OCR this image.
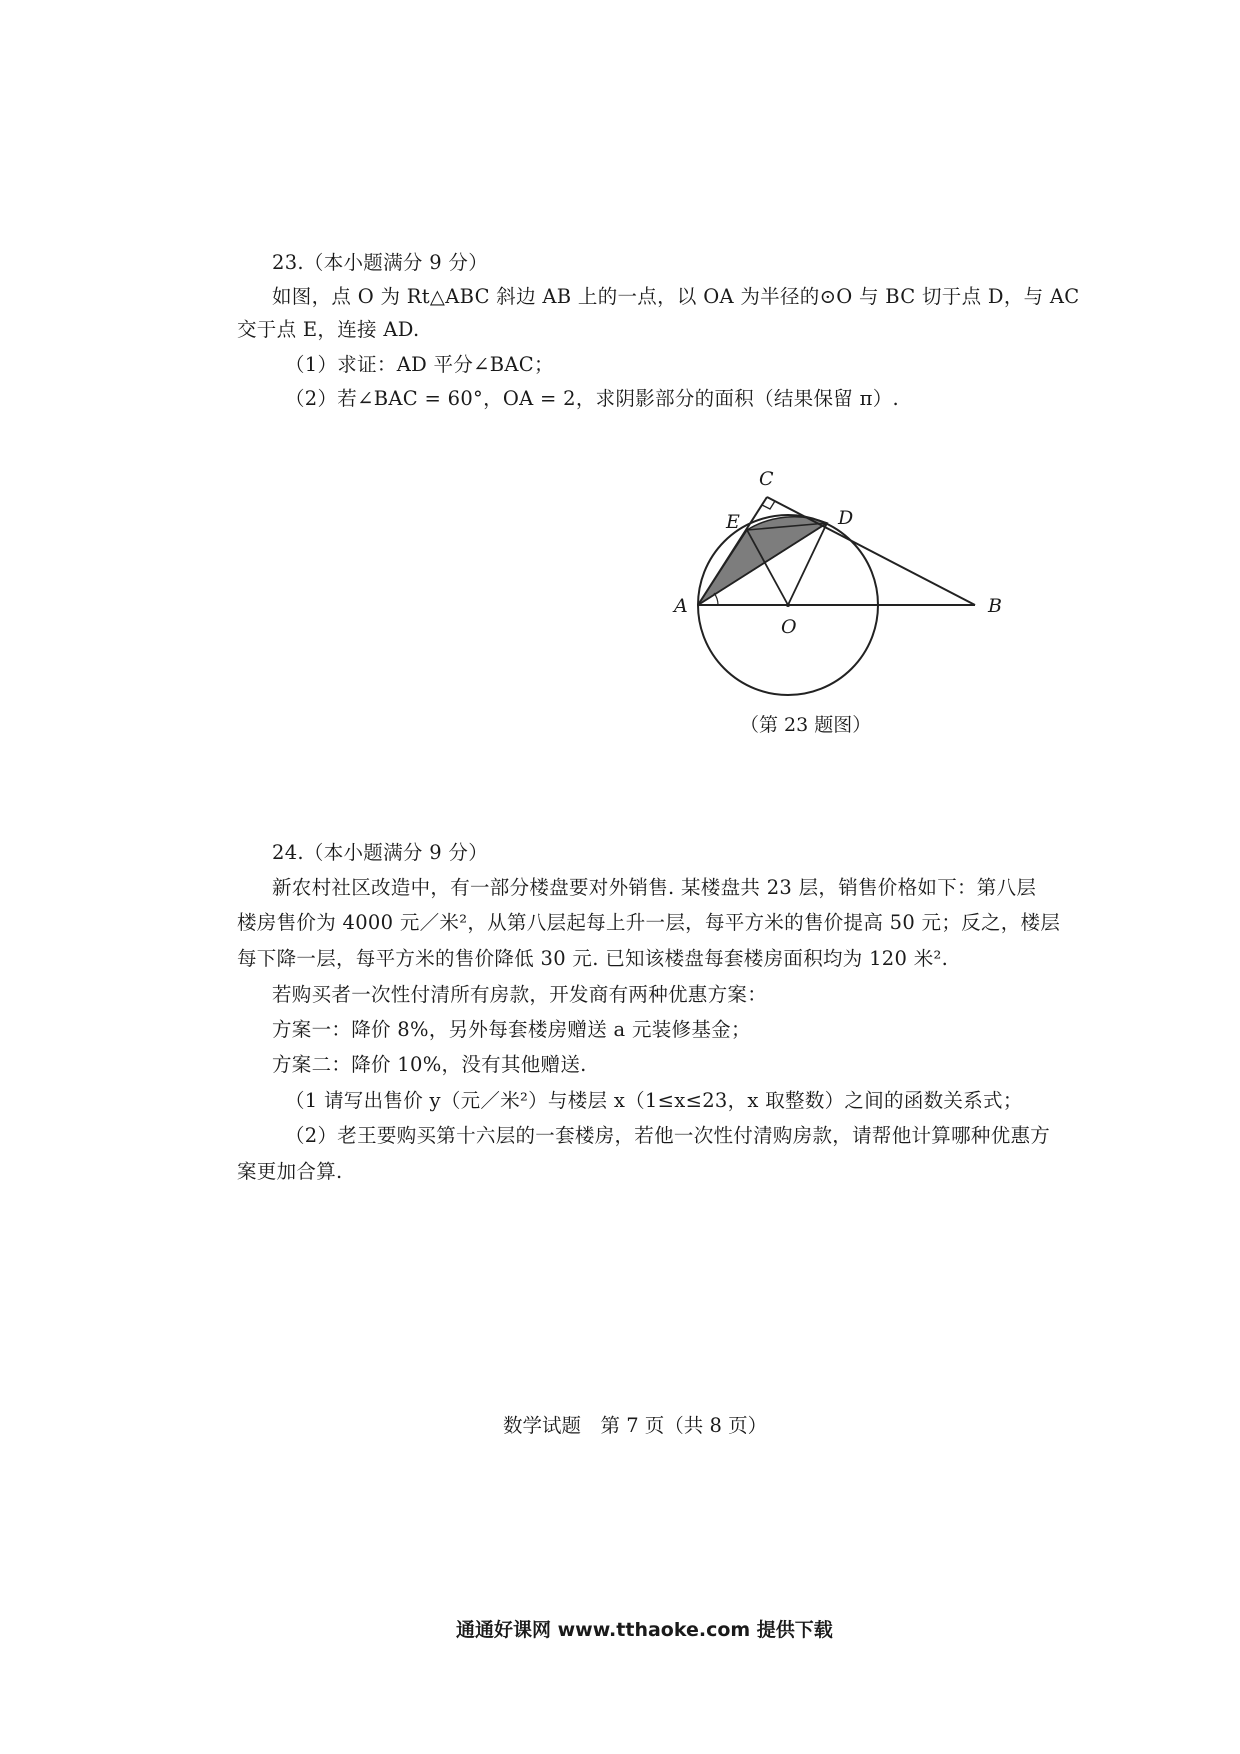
23.（本小题满分 9 分）
如图，点 O 为 Rt△ABC 斜边 AB 上的一点，以 OA 为半径的⊙O 与 BC 切于点 D，与 AC
交于点 E，连接 AD.
（1）求证：AD 平分∠BAC；
（2）若∠BAC = 60°，OA = 2，求阴影部分的面积（结果保留 π）.
C
E	D
A
O
B
（第 23 题图）
24.（本小题满分 9 分）
新农村社区改造中，有一部分楼盘要对外销售. 某楼盘共 23 层，销售价格如下：第八层
楼房售价为 4000 元／米²，从第八层起每上升一层，每平方米的售价提高 50 元；反之，楼层
每下降一层，每平方米的售价降低 30 元. 已知该楼盘每套楼房面积均为 120 米².
若购买者一次性付清所有房款，开发商有两种优惠方案：
方案一：降价 8%，另外每套楼房赠送 a 元装修基金；
方案二：降价 10%，没有其他赠送.
（1 请写出售价 y（元／米²）与楼层 x（1≤x≤23，x 取整数）之间的函数关系式；
（2）老王要购买第十六层的一套楼房，若他一次性付清购房款，请帮他计算哪种优惠方
案更加合算.
数学试题　第 7 页（共 8 页）
通通好课网 www.tthaoke.com 提供下载
